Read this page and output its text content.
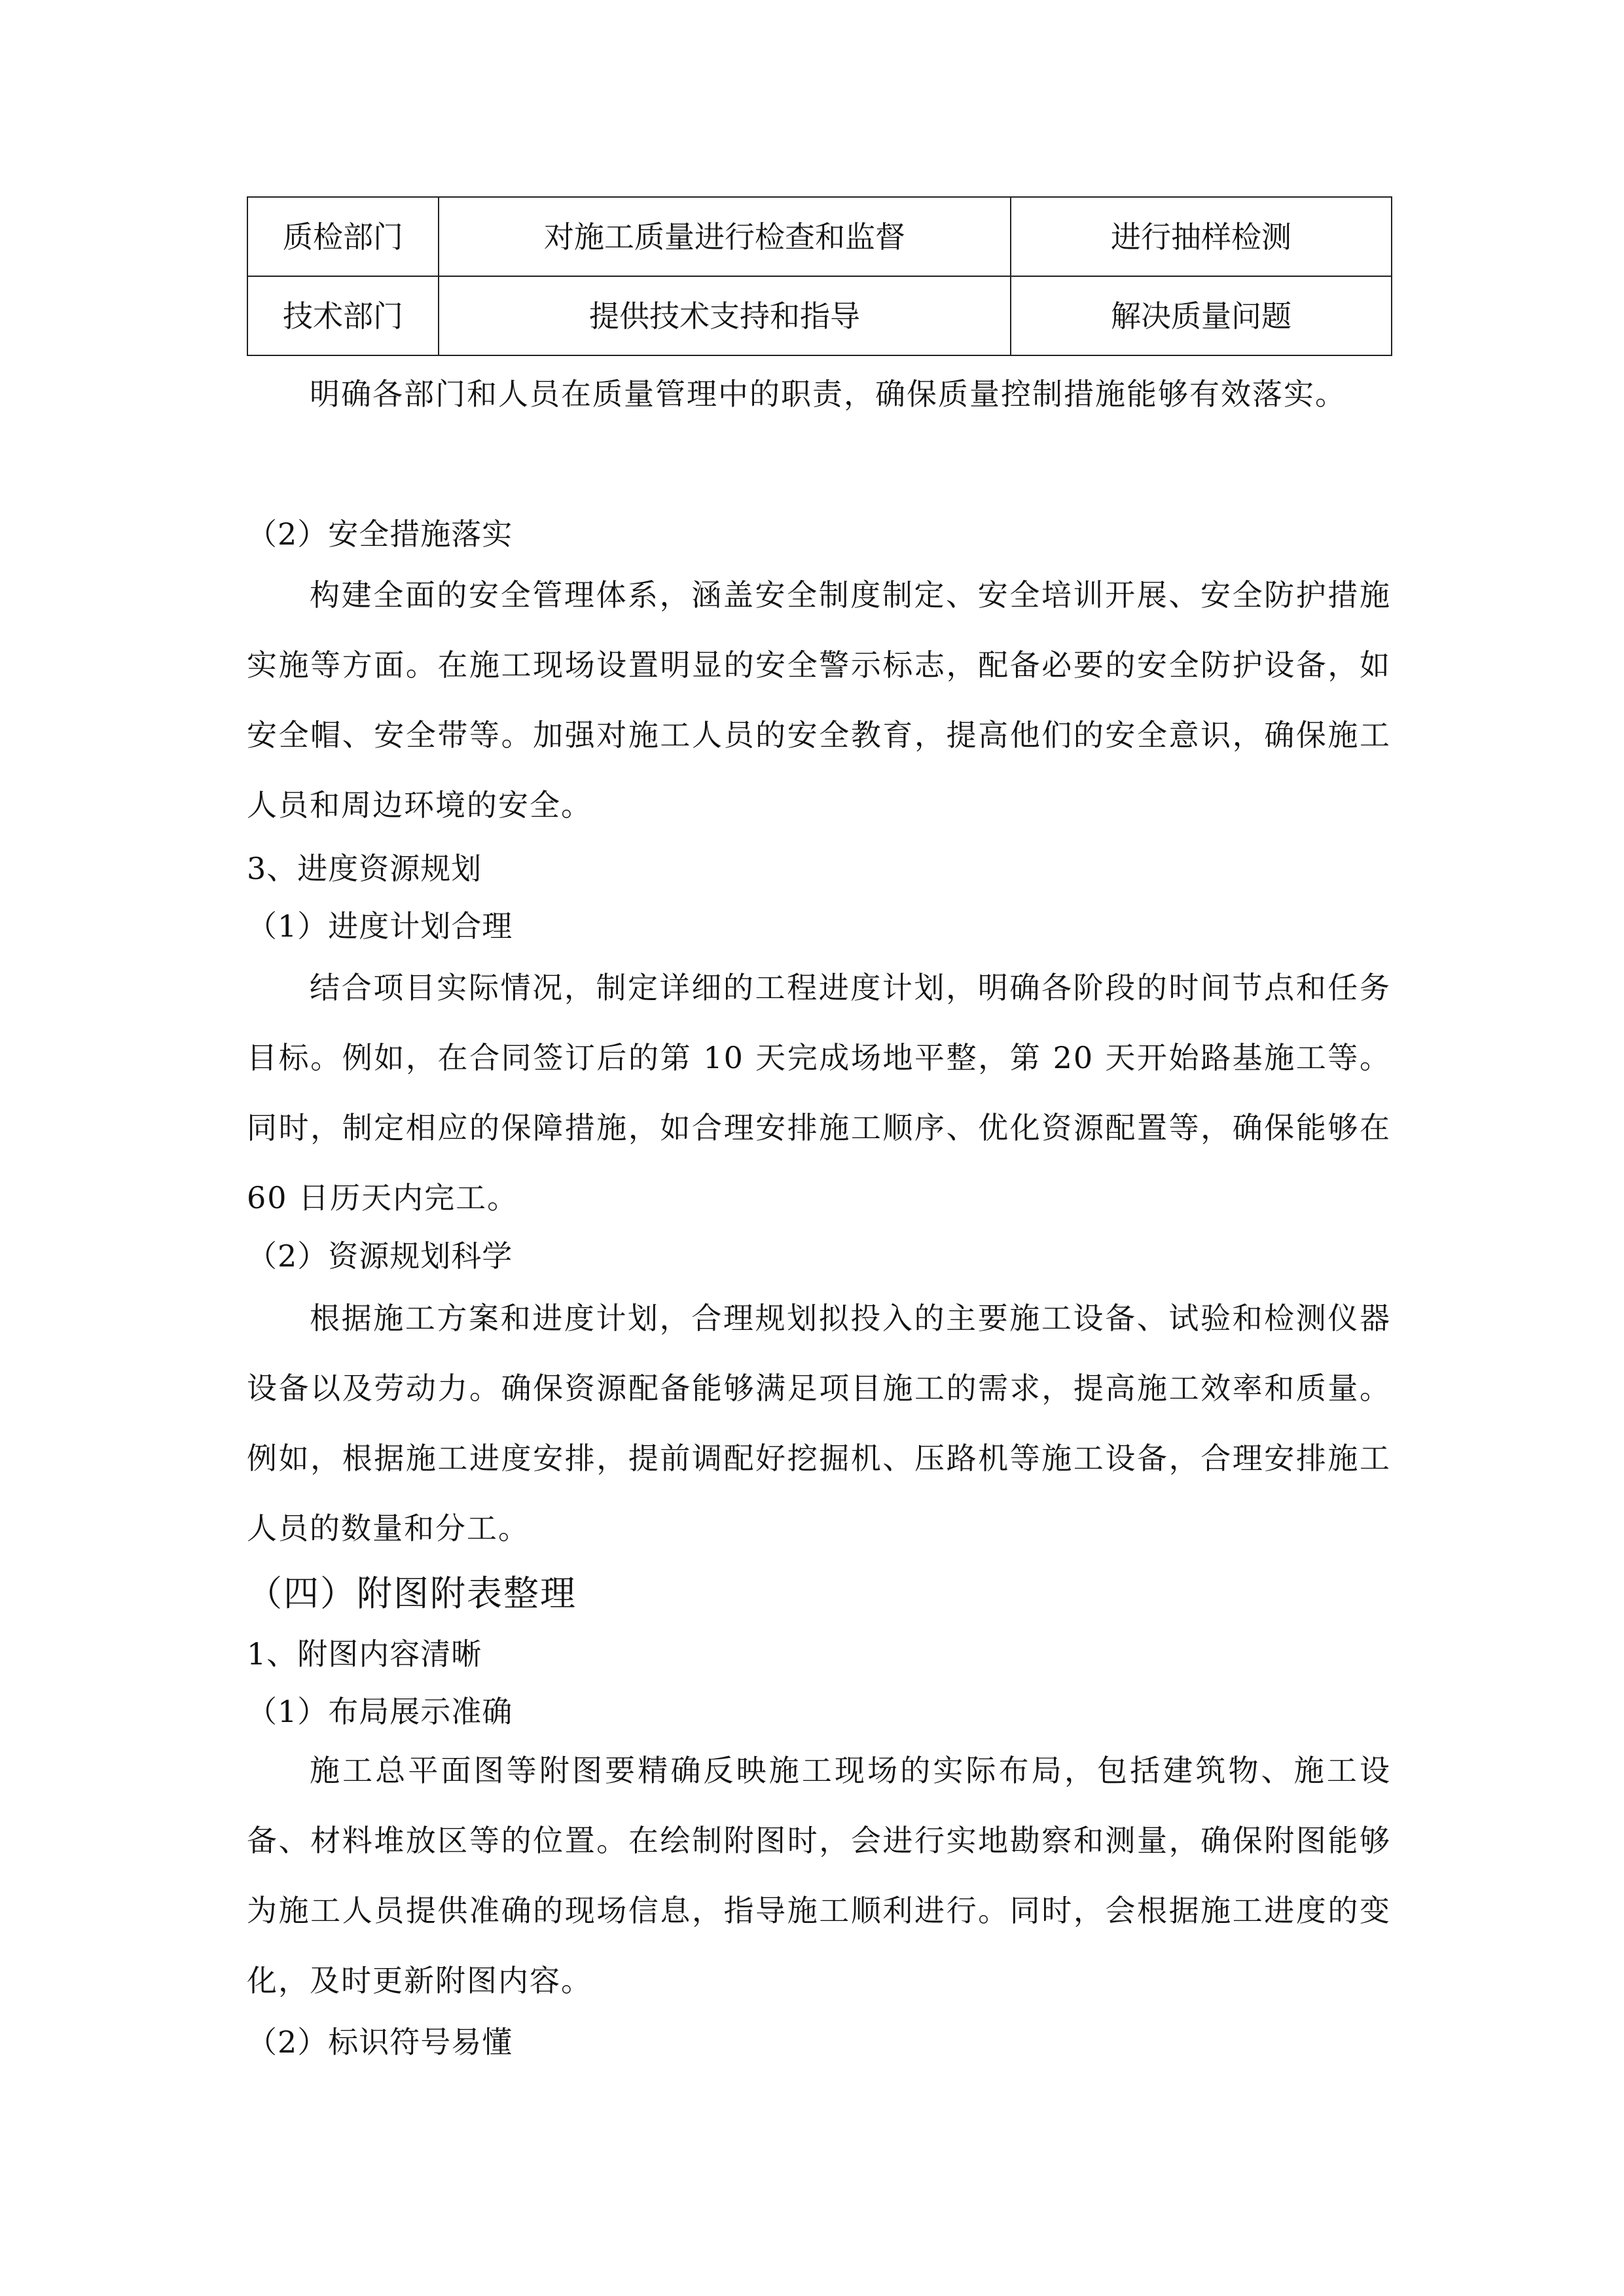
质检部门	对施工质量进行检查和监督	进行抽样检测
技术部门	提供技术支持和指导	解决质量问题

明确各部门和人员在质量管理中的职责，确保质量控制措施能够有效落实。

（2）安全措施落实

构建全面的安全管理体系，涵盖安全制度制定、安全培训开展、安全防护措施实施等方面。在施工现场设置明显的安全警示标志，配备必要的安全防护设备，如安全帽、安全带等。加强对施工人员的安全教育，提高他们的安全意识，确保施工人员和周边环境的安全。

3、进度资源规划
（1）进度计划合理

结合项目实际情况，制定详细的工程进度计划，明确各阶段的时间节点和任务目标。例如，在合同签订后的第 10 天完成场地平整，第 20 天开始路基施工等。同时，制定相应的保障措施，如合理安排施工顺序、优化资源配置等，确保能够在 60 日历天内完工。

（2）资源规划科学

根据施工方案和进度计划，合理规划拟投入的主要施工设备、试验和检测仪器设备以及劳动力。确保资源配备能够满足项目施工的需求，提高施工效率和质量。例如，根据施工进度安排，提前调配好挖掘机、压路机等施工设备，合理安排施工人员的数量和分工。

（四）附图附表整理
1、附图内容清晰
（1）布局展示准确

施工总平面图等附图要精确反映施工现场的实际布局，包括建筑物、施工设备、材料堆放区等的位置。在绘制附图时，会进行实地勘察和测量，确保附图能够为施工人员提供准确的现场信息，指导施工顺利进行。同时，会根据施工进度的变化，及时更新附图内容。

（2）标识符号易懂
